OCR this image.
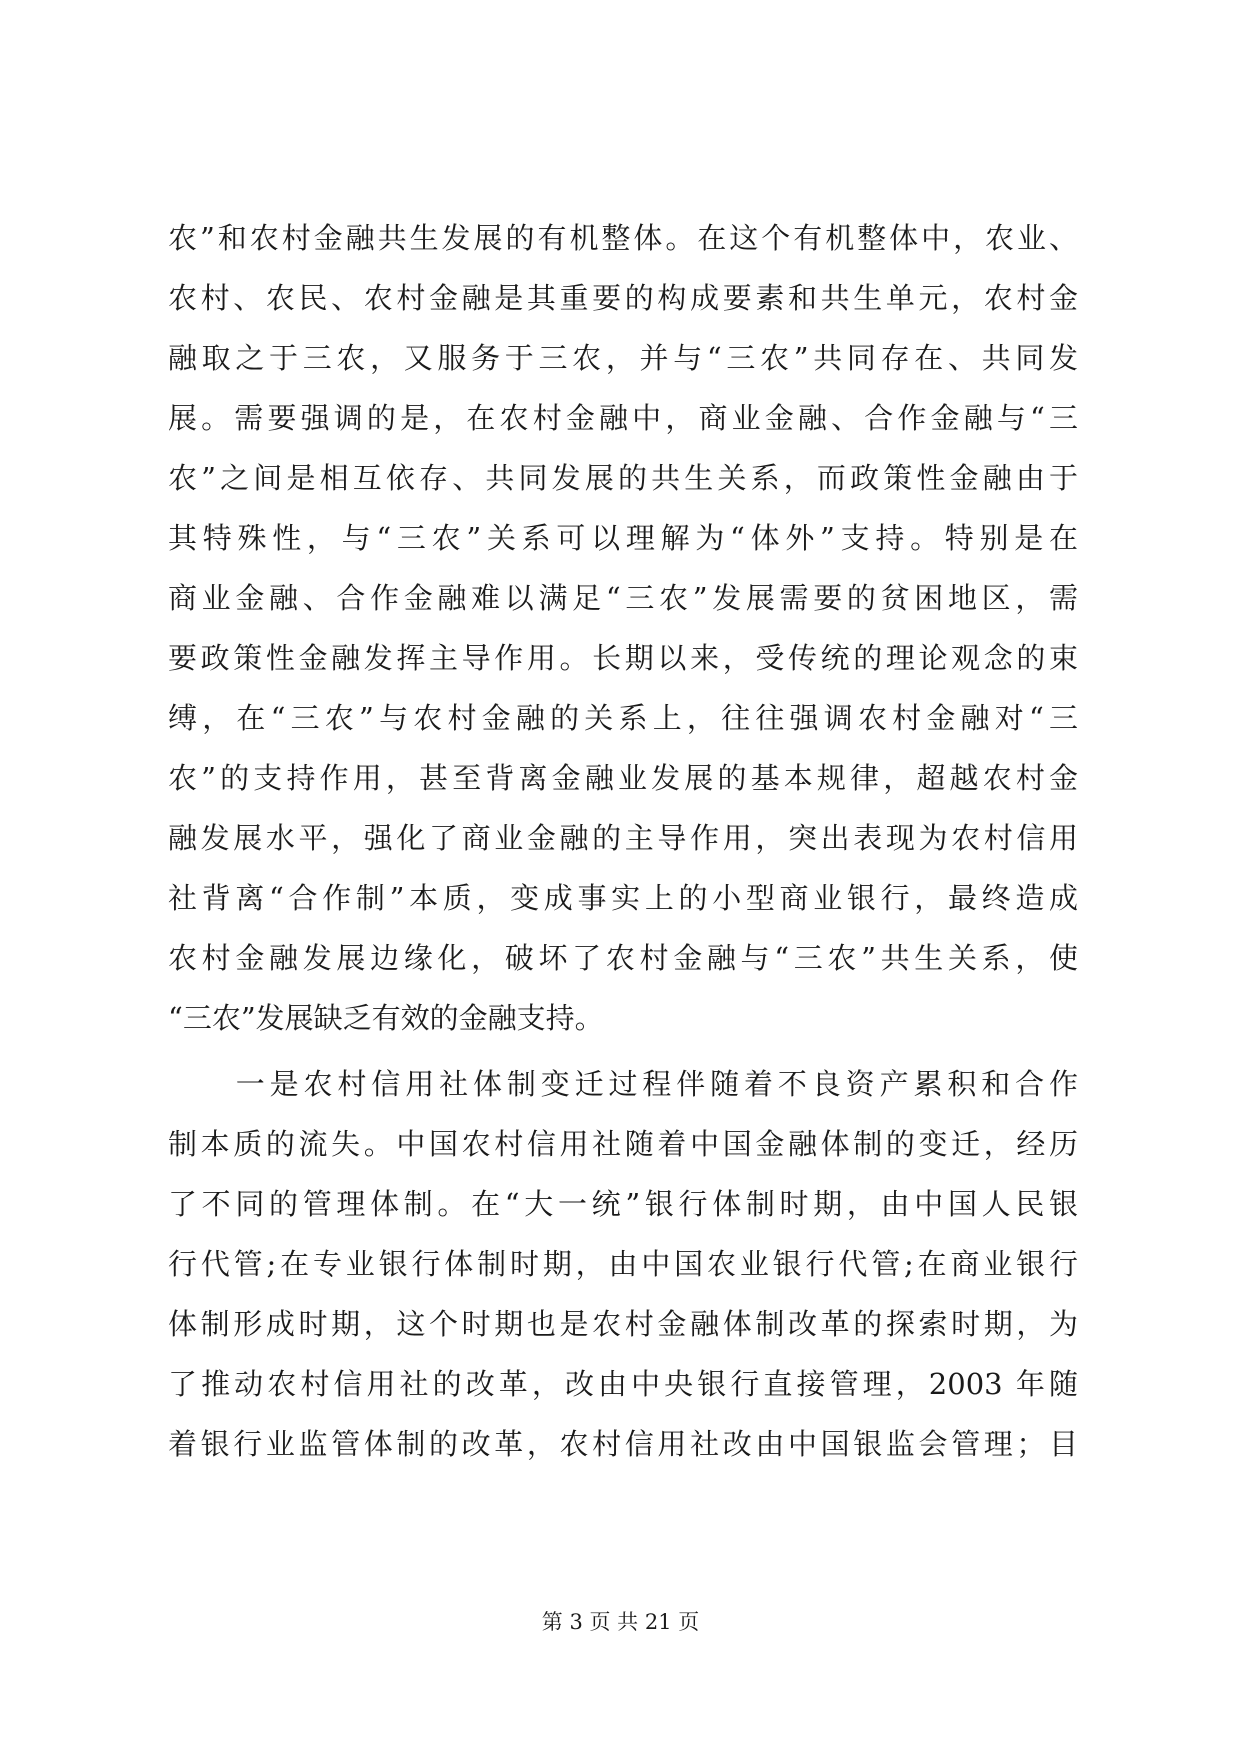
农”和农村金融共生发展的有机整体。在这个有机整体中，农业、
农村、农民、农村金融是其重要的构成要素和共生单元，农村金
融取之于三农，又服务于三农，并与“三农”共同存在、共同发
展。需要强调的是，在农村金融中，商业金融、合作金融与“三
农”之间是相互依存、共同发展的共生关系，而政策性金融由于
其特殊性，与“三农”关系可以理解为“体外”支持。特别是在
商业金融、合作金融难以满足“三农”发展需要的贫困地区，需
要政策性金融发挥主导作用。长期以来，受传统的理论观念的束
缚，在“三农”与农村金融的关系上，往往强调农村金融对“三
农”的支持作用，甚至背离金融业发展的基本规律，超越农村金
融发展水平，强化了商业金融的主导作用，突出表现为农村信用
社背离“合作制”本质，变成事实上的小型商业银行，最终造成
农村金融发展边缘化，破坏了农村金融与“三农”共生关系，使
“三农”发展缺乏有效的金融支持。
　　一是农村信用社体制变迁过程伴随着不良资产累积和合作
制本质的流失。中国农村信用社随着中国金融体制的变迁，经历
了不同的管理体制。在“大一统”银行体制时期，由中国人民银
行代管;在专业银行体制时期，由中国农业银行代管;在商业银行
体制形成时期，这个时期也是农村金融体制改革的探索时期，为
了推动农村信用社的改革，改由中央银行直接管理，2003 年随
着银行业监管体制的改革，农村信用社改由中国银监会管理；目
第 3 页 共 21 页
